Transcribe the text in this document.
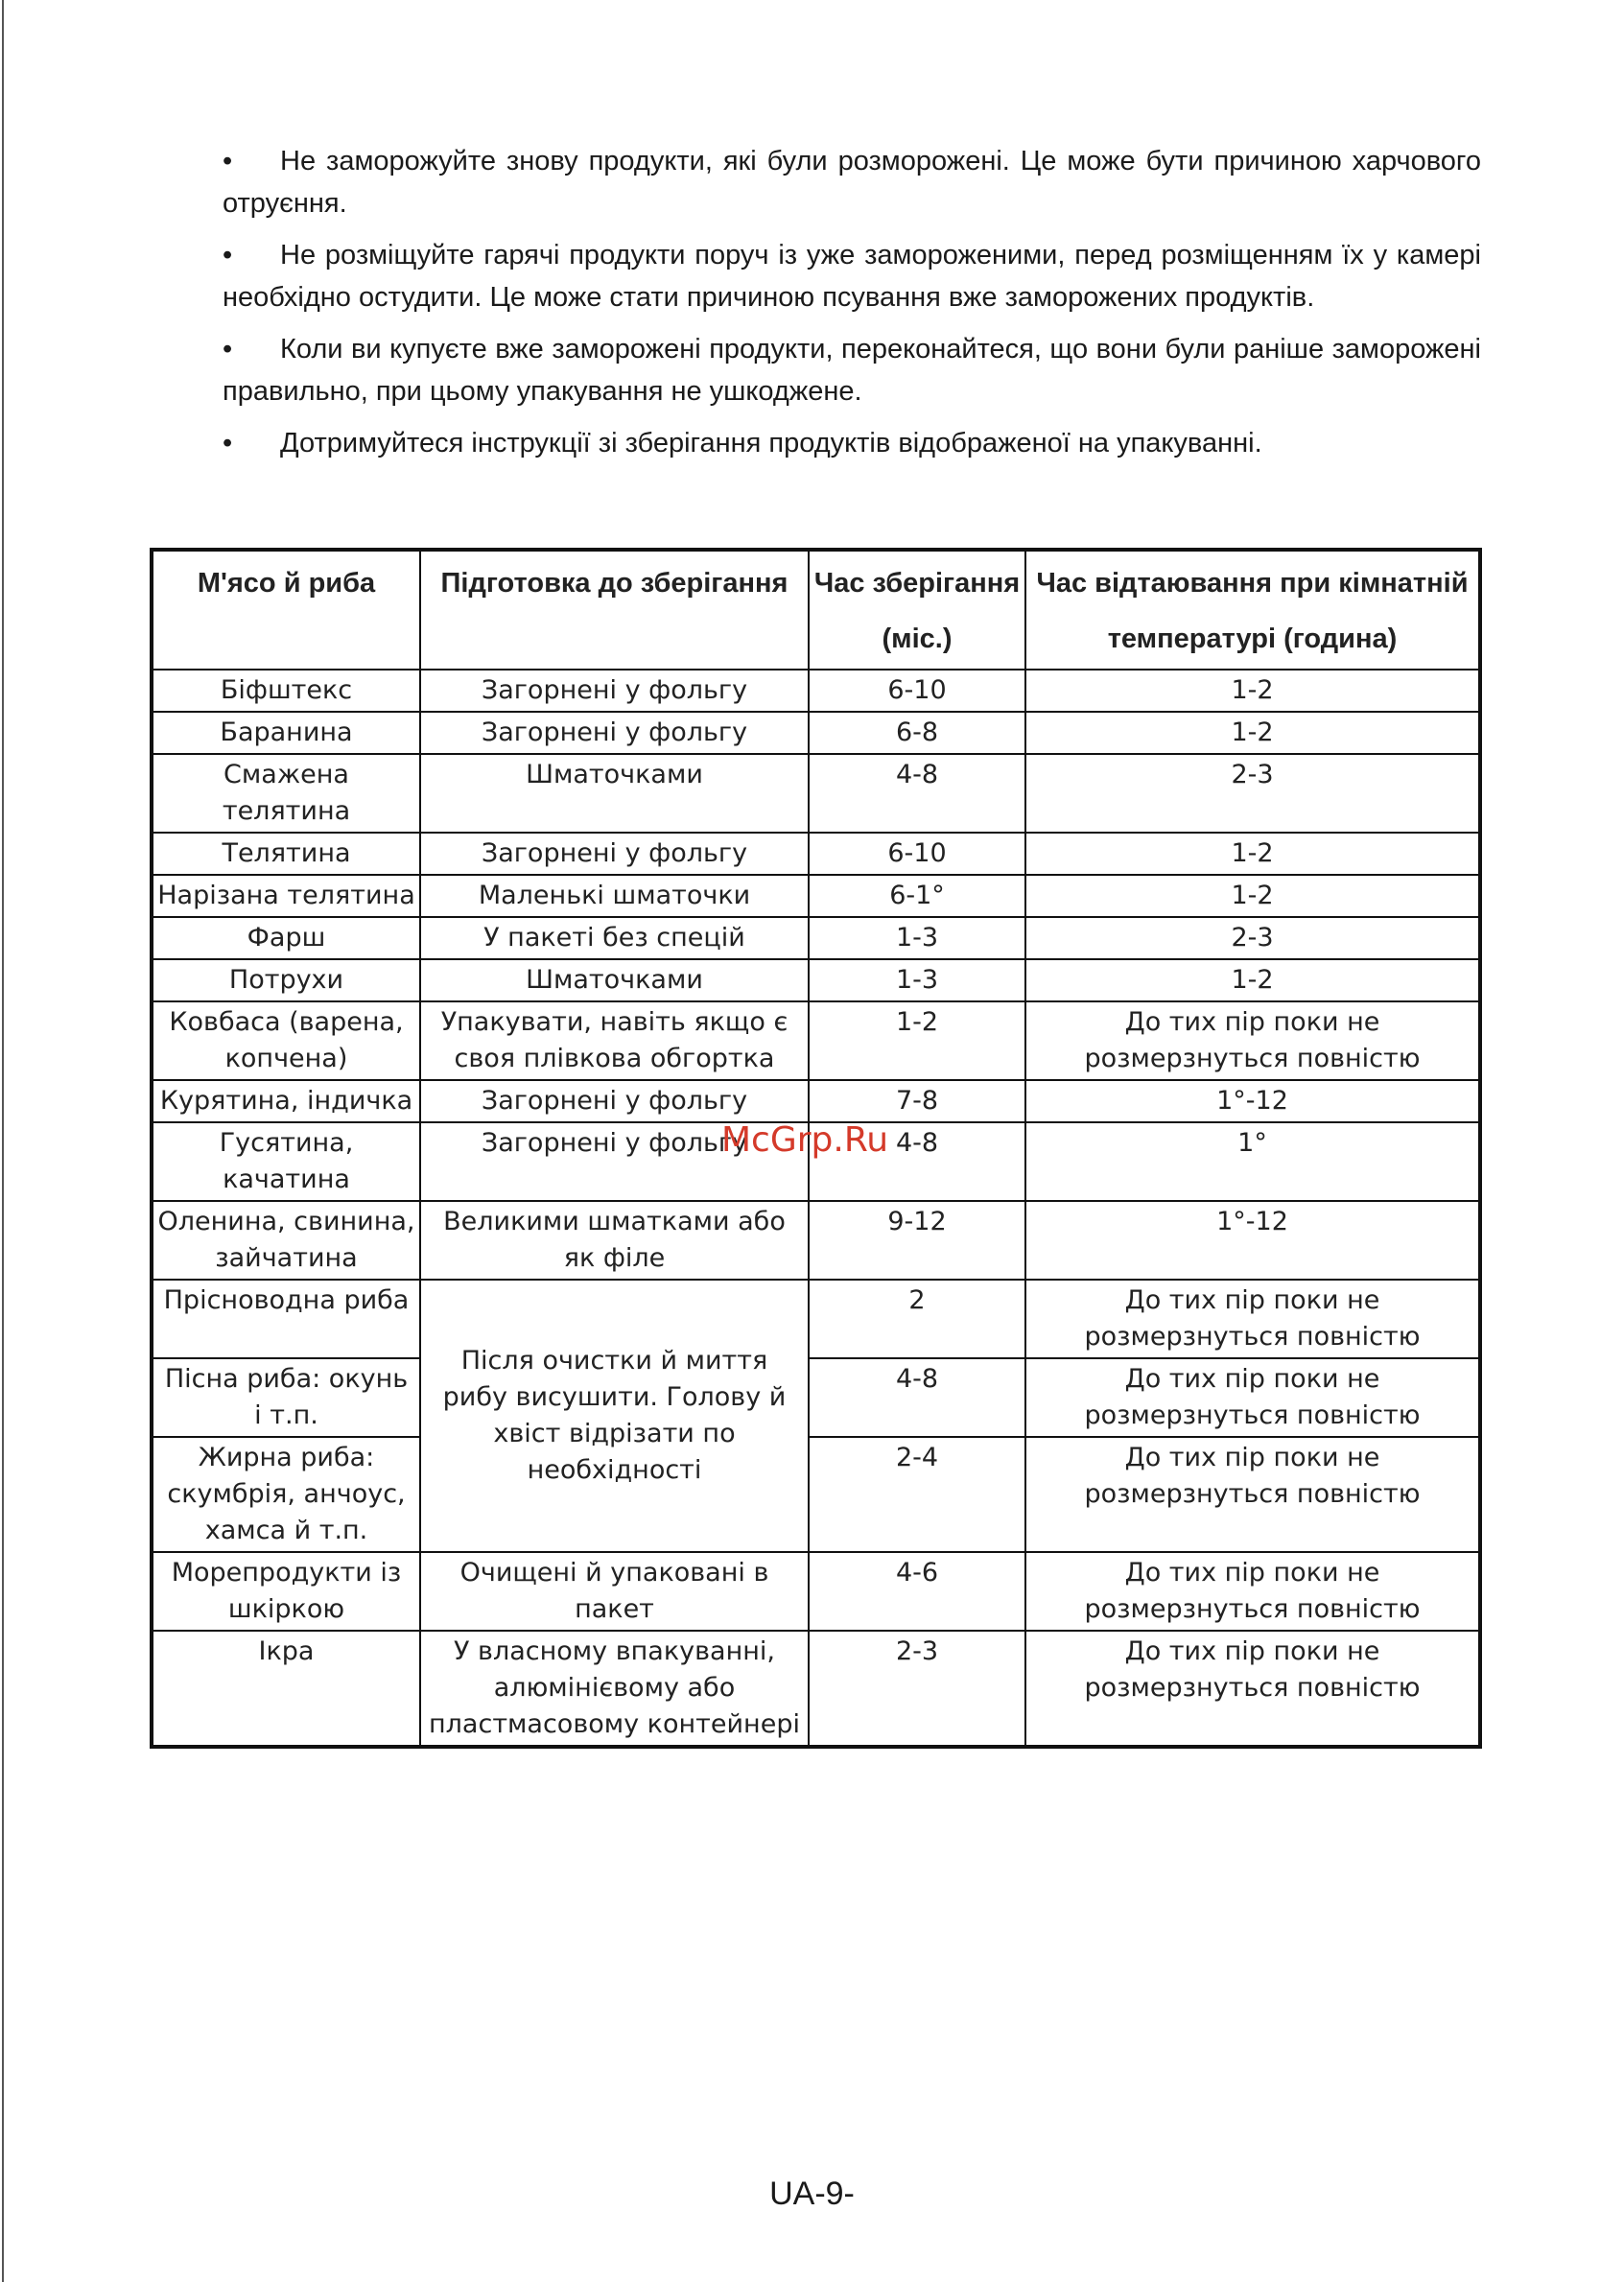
• Не заморожуйте знову продукти, які були розморожені. Це може бути причиною харчового отруєння.
• Не розміщуйте гарячі продукти поруч із уже замороженими, перед розміщенням їх у камері необхідно остудити. Це може стати причиною псування вже заморожених продуктів.
• Коли ви купуєте вже заморожені продукти, переконайтеся, що вони були раніше заморожені правильно, при цьому упакування не ушкоджене.
• Дотримуйтеся інструкції зі зберігання продуктів відображеної на упакуванні.
М'ясо й риба	Підготовка до зберігання	Час зберігання (міс.)	Час відтаювання при кімнатній температурі (година)
Біфштекс	Загорнені у фольгу	6-10	1-2
Баранина	Загорнені у фольгу	6-8	1-2
Смажена телятина	Шматочками	4-8	2-3
Телятина	Загорнені у фольгу	6-10	1-2
Нарізана телятина	Маленькі шматочки	6-1°	1-2
Фарш	У пакеті без спецій	1-3	2-3
Потрухи	Шматочками	1-3	1-2
Ковбаса (варена, копчена)	Упакувати, навіть якщо є своя плівкова обгортка	1-2	До тих пір поки не розмерзнуться повністю
Курятина, індичка	Загорнені у фольгу	7-8	1°-12
Гусятина, качатина	Загорнені у фольгу	4-8	1°
Оленина, свинина, зайчатина	Великими шматками або як філе	9-12	1°-12
Прісноводна риба	Після очистки й миття рибу висушити. Голову й хвіст відрізати по необхідності	2	До тих пір поки не розмерзнуться повністю
Пісна риба: окунь і т.п.		4-8	До тих пір поки не розмерзнуться повністю
Жирна риба: скумбрія, анчоус, хамса й т.п.		2-4	До тих пір поки не розмерзнуться повністю
Морепродукти із шкіркою	Очищені й упаковані в пакет	4-6	До тих пір поки не розмерзнуться повністю
Ікра	У власному впакуванні, алюмінієвому або пластмасовому контейнері	2-3	До тих пір поки не розмерзнуться повністю
McGrp.Ru
UA-9-
